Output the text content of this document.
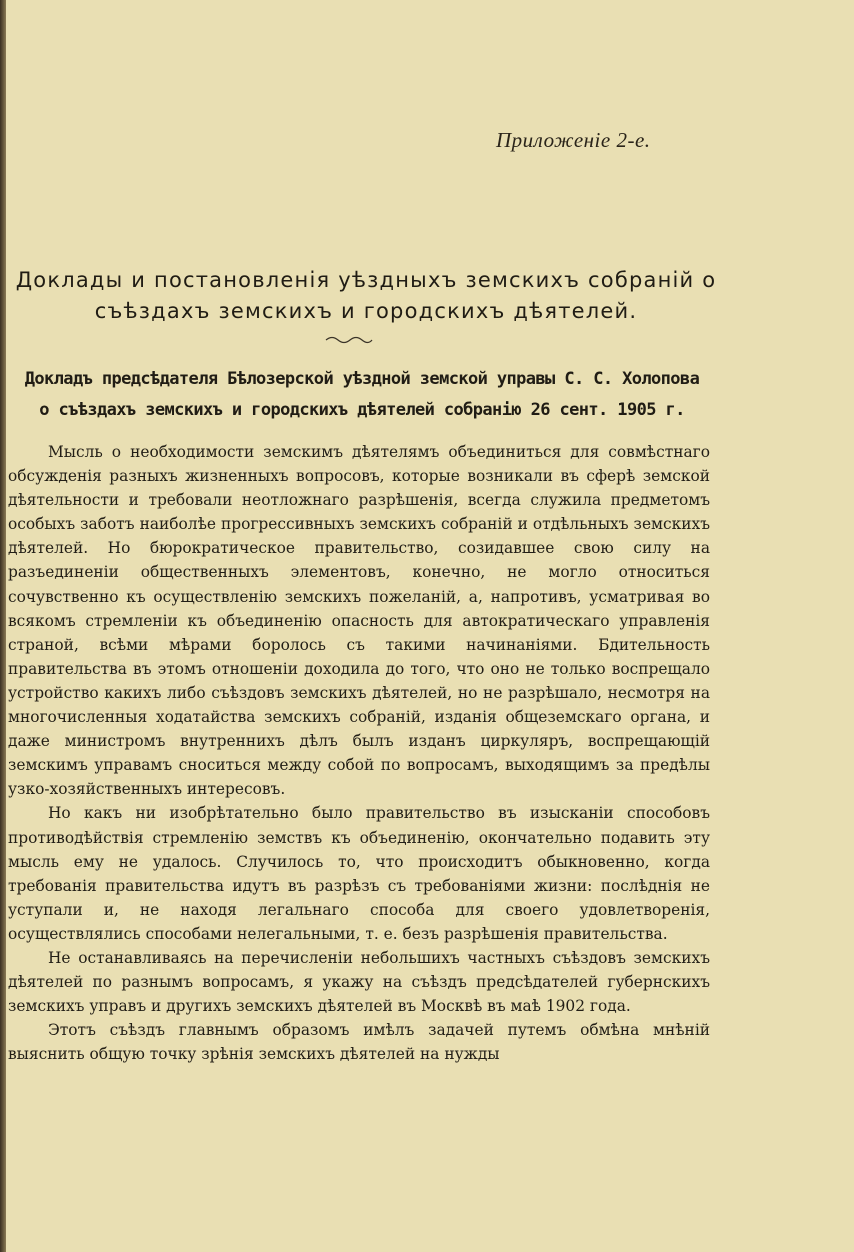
Приложенiе 2-е.
Доклады и постановленiя уѣздныхъ земскихъ собранiй о
съѣздахъ земскихъ и городскихъ дѣятелей.
Докладъ предсѣдателя Бѣлозерской уѣздной земской управы С. С. Холопова
о съѣздахъ земскихъ и городскихъ дѣятелей собранiю 26 сент. 1905 г.

Мысль о необходимости земскимъ дѣятелямъ объединиться для совмѣстнаго обсужденiя разныхъ жизненныхъ вопросовъ, которые возникали въ сферѣ земской дѣятельности и требовали неотложнаго разрѣшенiя, всегда служила предметомъ особыхъ заботъ наиболѣе прогрессивныхъ земскихъ собранiй и отдѣльныхъ земскихъ дѣятелей. Но бюрократическое правительство, созидавшее свою силу на разъединенiи общественныхъ элементовъ, конечно, не могло относиться сочувственно къ осуществленiю земскихъ пожеланiй, а, напротивъ, усматривая во всякомъ стремленiи къ объединенiю опасность для автократическаго управленiя страной, всѣми мѣрами боролось съ такими начинанiями. Бдительность правительства въ этомъ отношенiи доходила до того, что оно не только воспрещало устройство какихъ либо съѣздовъ земскихъ дѣятелей, но не разрѣшало, несмотря на многочисленныя ходатайства земскихъ собранiй, изданiя общеземскаго органа, и даже министромъ внутреннихъ дѣлъ былъ изданъ циркуляръ, воспрещающiй земскимъ управамъ сноситься между собой по вопросамъ, выходящимъ за предѣлы узко-хозяйственныхъ интересовъ.

Но какъ ни изобрѣтательно было правительство въ изысканiи способовъ противодѣйствiя стремленiю земствъ къ объединенiю, окончательно подавить эту мысль ему не удалось. Случилось то, что происходитъ обыкновенно, когда требованiя правительства идутъ въ разрѣзъ съ требованiями жизни: послѣднiя не уступали и, не находя легальнаго способа для своего удовлетворенiя, осуществлялись способами нелегальными, т. е. безъ разрѣшенiя правительства.

Не останавливаясь на перечисленiи небольшихъ частныхъ съѣздовъ земскихъ дѣятелей по разнымъ вопросамъ, я укажу на съѣздъ предсѣдателей губернскихъ земскихъ управъ и другихъ земскихъ дѣятелей въ Москвѣ въ маѣ 1902 года.

Этотъ съѣздъ главнымъ образомъ имѣлъ задачей путемъ обмѣна мнѣнiй выяснить общую точку зрѣнiя земскихъ дѣятелей на нужды
